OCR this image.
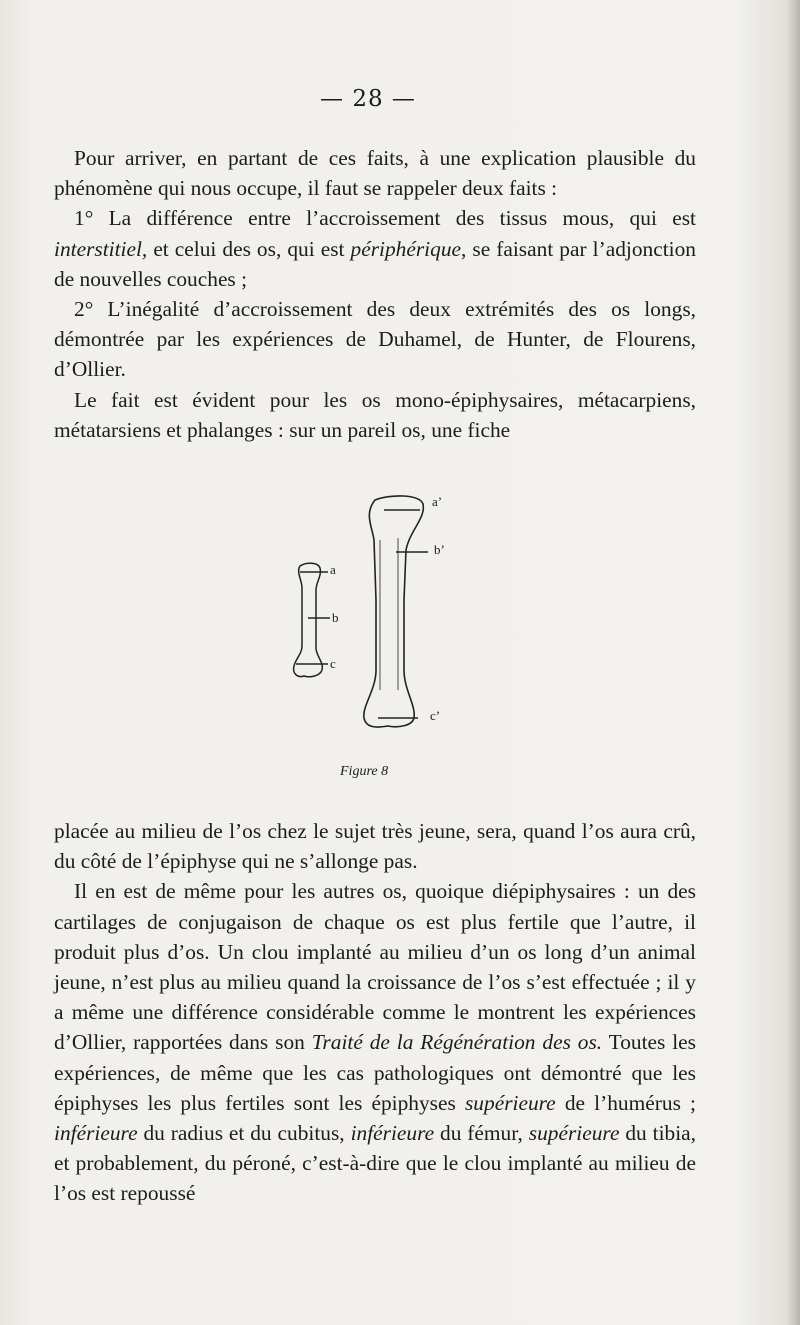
— 28 —

Pour arriver, en partant de ces faits, à une explication plausible du phénomène qui nous occupe, il faut se rappeler deux faits :

1° La différence entre l’accroissement des tissus mous, qui est interstitiel, et celui des os, qui est périphérique, se faisant par l’adjonction de nouvelles couches ;

2° L’inégalité d’accroissement des deux extrémités des os longs, démontrée par les expériences de Duhamel, de Hunter, de Flourens, d’Ollier.

Le fait est évident pour les os mono-épiphysaires, métacarpiens, métatarsiens et phalanges : sur un pareil os, une fiche

a’
b’
c’
a
b
c
Figure 8

placée au milieu de l’os chez le sujet très jeune, sera, quand l’os aura crû, du côté de l’épiphyse qui ne s’allonge pas.

Il en est de même pour les autres os, quoique diépiphysaires : un des cartilages de conjugaison de chaque os est plus fertile que l’autre, il produit plus d’os. Un clou implanté au milieu d’un os long d’un animal jeune, n’est plus au milieu quand la croissance de l’os s’est effectuée ; il y a même une différence considérable comme le montrent les expériences d’Ollier, rapportées dans son Traité de la Régénération des os. Toutes les expériences, de même que les cas pathologiques ont démontré que les épiphyses les plus fertiles sont les épiphyses supérieure de l’humérus ; inférieure du radius et du cubitus, inférieure du fémur, supérieure du tibia, et probablement, du péroné, c’est-à-dire que le clou implanté au milieu de l’os est repoussé
